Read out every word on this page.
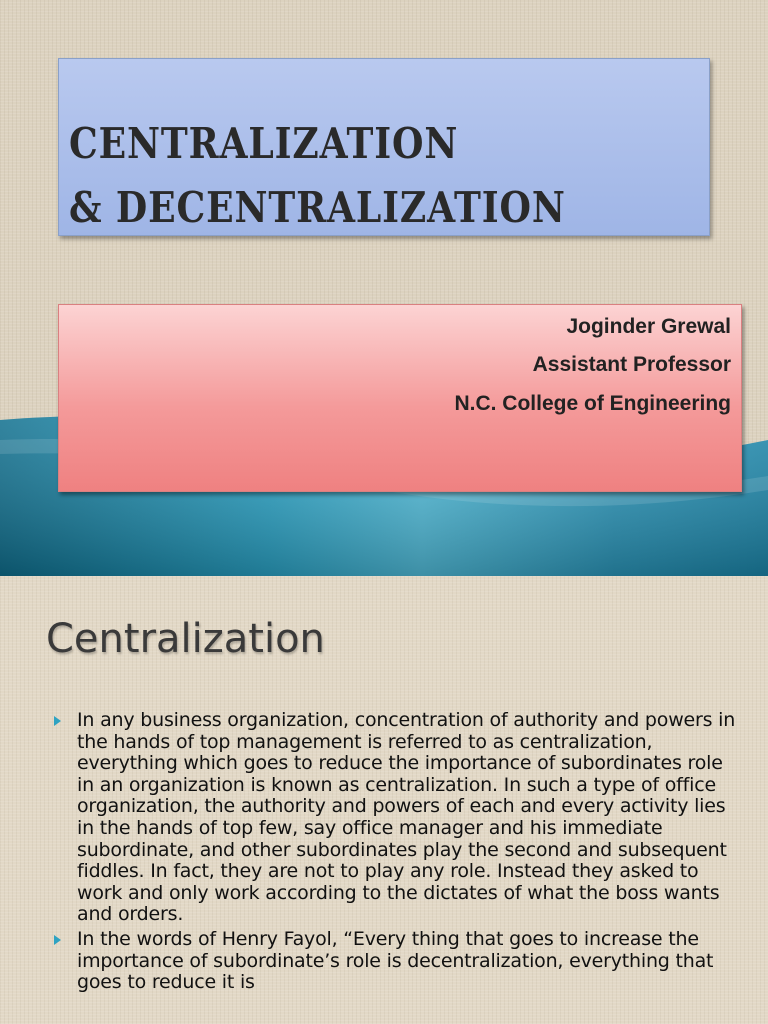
CENTRALIZATION
& DECENTRALIZATION

Joginder Grewal

Assistant Professor

N.C. College of Engineering

Centralization
In any business organization, concentration of authority and powers in the hands of top management is referred to as centralization, everything which goes to reduce the importance of subordinates role in an organization is known as centralization. In such a type of office organization, the authority and powers of each and every activity lies in the hands of top few, say office manager and his immediate subordinate, and other subordinates play the second and subsequent fiddles. In fact, they are not to play any role. Instead they asked to work and only work according to the dictates of what the boss wants and orders.
In the words of Henry Fayol, “Every thing that goes to increase the importance of subordinate’s role is decentralization, everything that goes to reduce it is
